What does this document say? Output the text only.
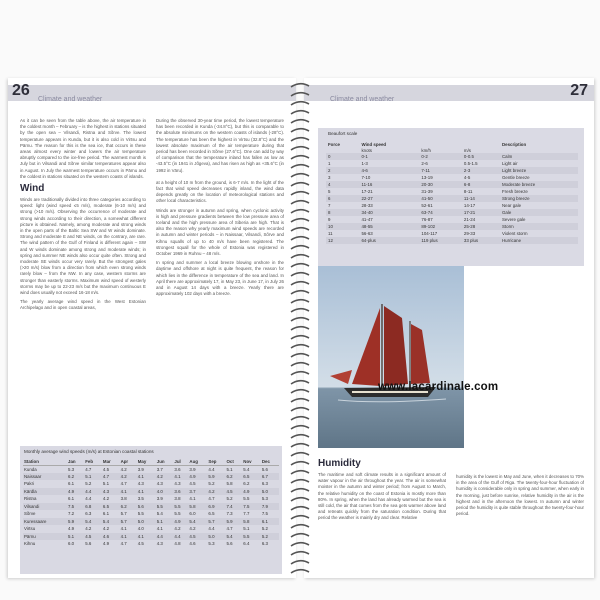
26
Climate and weather

As it can be seen from the table above, the air temperature in the coldest month – February – is the highest in stations situated by the open sea – Vilsandi, Ristna and Sõrve. The lowest temperature appears in Kunda, but it is also cold in Virtsu and Pärnu. The reason for this is the sea ice, that occurs in these areas almost every winter and lowers the air temperature abruptly compared to the ice-free period. The warmest month is July but in Vilsandi and Sõrve similar temperatures appear also in August. In July the warmest temperature occurs in Pärnu and the coldest in stations situated on the western coasts of islands.

Wind

Winds are traditionally divided into three categories according to speed: light (wind speed ≤5 m/s), moderate (6-10 m/s) and strong (>10 m/s). Observing the occurrence of moderate and strong winds according to their direction, a somewhat different picture is obtained. Namely, among moderate and strong winds in the open parts of the Baltic Sea SW and W winds dominate. Strong and moderate E and NE winds, on the contrary, are rare. The wind pattern of the Gulf of Finland is different again – SW and W winds dominate among strong and moderate winds; in spring and summer NE winds also occur quite often. Strong and moderate SE winds occur very rarely. But the strongest gales (>20 m/s) blow from a direction from which even strong winds rarely blow – from the NW. In any case, western storms are stronger than easterly storms. Maximum wind speed of westerly storms may be up to 22-23 m/s but the maximum continuous E wind does usually not exceed 16-18 m/s.

The yearly average wind speed in the West Estonian Archipelago and in open coastal areas,

During the observed 30-year time period, the lowest temperature has been recorded in Kunda (-34.8°C), but this is comparable to the absolute minimums on the western coasts of islands (-28°C). The temperature has been the highest in Virtsu (32.8°C) and the lowest absolute maximum of the air temperature during that period has been recorded in Sõrve (27.6°C). One can add by way of comparison that the temperature inland has fallen as low as -43.5°C (in 1941 in Jõgeva), and has risen as high as +35.6°C (in 1992 in Väru).

at a height of 10 m from the ground, is 6-7 m/s. In the light of the fact that wind speed decreases rapidly inland, the wind data depends greatly on the location of meteorological stations and other local characteristics.

Winds are stronger in autumn and spring, when cyclonic activity is high and pressure gradients between the low pressure area of Iceland and the high pressure area of Siberia are high. That is also the reason why yearly maximum wind speeds are recorded in autumn and winter periods – in Naissaar, Vilsandi, Sõrve and Kihnu squalls of up to 40 m/s have been registered. The strongest squall for the whole of Estonia was registered in October 1969 in Ruhnu – 48 m/s.

In spring and summer a local breeze blowing onshore in the daytime and offshore at night is quite frequent, the reason for which lies in the difference in temperature of the sea and land. In April there are approximately 17, in May 23, in June 17, in July 26 and in August 14 days with a breeze. Yearly there are approximately 102 days with a breeze.

Monthly average wind speeds (m/s) at Estonian coastal stations
Station	Jan	Feb	Mar	Apr	May	Jun	Jul	Aug	Sep	Oct	Nov	Dec
Kunda	5.3	4.7	4.5	4.2	3.9	3.7	3.6	3.9	4.4	5.1	5.4	5.6
Naissaar	6.2	5.1	4.7	4.2	4.1	4.2	4.1	4.9	5.9	6.2	6.5	6.7
Pakri	6.1	5.2	5.1	4.7	4.3	4.3	4.3	4.5	5.2	5.8	6.2	6.3
Kärdla	4.9	4.4	4.3	4.1	4.1	4.0	3.6	3.7	4.2	4.5	4.9	5.0
Ristna	6.1	4.4	4.2	3.8	3.5	3.9	3.8	4.1	4.7	5.2	5.5	5.3
Vilsandi	7.5	6.8	6.5	6.2	5.6	5.5	5.5	5.8	6.9	7.4	7.5	7.9
Sõrve	7.2	6.3	6.1	5.7	5.5	5.4	5.5	6.0	6.5	7.3	7.7	7.5
Kuressaare	5.9	5.4	5.4	5.7	5.0	5.1	4.9	5.4	5.7	5.9	5.8	6.1
Virtsu	4.9	4.2	4.2	4.1	4.0	4.1	4.2	4.2	4.4	4.7	5.1	5.2
Pärnu	5.1	4.5	4.6	4.1	4.1	4.4	4.4	4.5	5.0	5.4	5.5	5.2
Kihnu	6.0	5.6	4.9	4.7	4.5	4.3	4.8	4.6	5.3	5.6	6.4	6.3
27
Climate and weather
Beaufort scale
Force	Wind speed			Description
	knots	km/h	m/s	
0	0-1	0-2	0-0.5	Calm
1	1-3	2-6	0.5-1.5	Light air
2	4-6	7-11	2-3	Light breeze
3	7-10	13-19	4-5	Gentle breeze
4	11-16	20-30	6-8	Moderate breeze
5	17-21	31-39	8-11	Fresh breeze
6	22-27	41-50	11-14	Strong breeze
7	28-33	52-61	14-17	Near gale
8	34-40	63-74	17-21	Gale
9	41-47	76-87	21-24	Severe gale
10	48-55	89-102	25-28	Storm
11	56-63	104-117	29-33	Violent storm
12	64-plus	119 plus	33 plus	Hurricane
Humidity

The maritime and soft climate results in a significant amount of water vapour in the air throughout the year. The air is somewhat moister in the autumn and winter period; from August to March, the relative humidity on the coast of Estonia is mostly more than 80%. In spring, when the land has already warmed but the sea is still cold, the air that comes from the sea gets warmer above land and retreats quickly from the saturation condition. During that period the weather is mainly dry and clear. Relative

humidity is the lowest in May and June, when it decreases to 70% in the area of the Gulf of Riga. The twenty-four-hour fluctuation of humidity is considerable only in spring and summer, when early in the morning, just before sunrise, relative humidity in the air is the highest and in the afternoon the lowest. In autumn and winter period the humidity is quite stable throughout the twenty-four-hour period.

www.lacardinale.com
